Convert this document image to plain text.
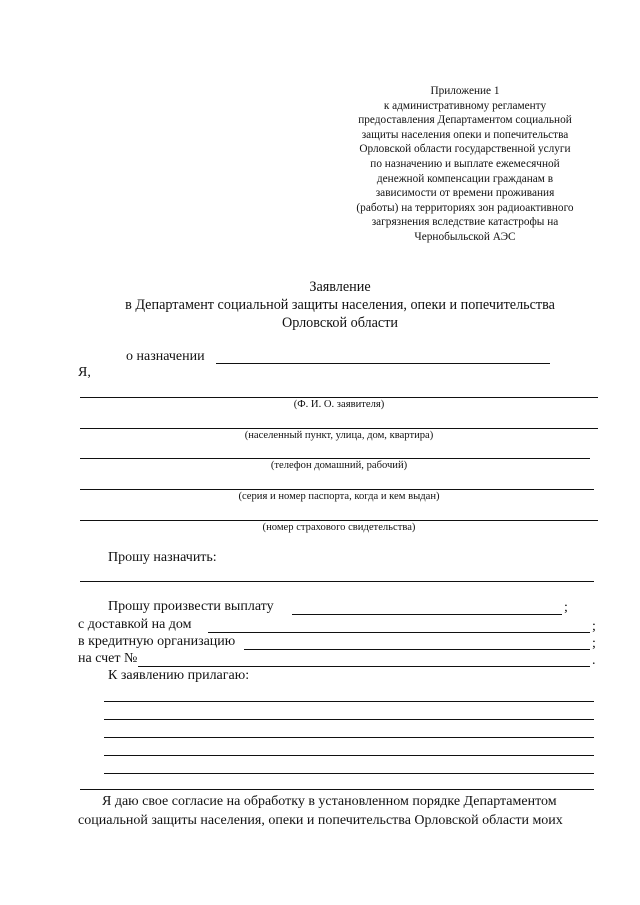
Приложение 1
к административному регламенту
предоставления Департаментом социальной
защиты населения опеки и попечительства
Орловской области государственной услуги
по назначению и выплате ежемесячной
денежной компенсации гражданам в
зависимости от времени проживания
(работы) на территориях зон радиоактивного
загрязнения вследствие катастрофы на
Чернобыльской АЭС
Заявление
в Департамент социальной защиты населения, опеки и попечительства
Орловской области
о назначении
Я,
(Ф. И. О. заявителя)
(населенный пункт, улица, дом, квартира)
(телефон домашний, рабочий)
(серия и номер паспорта, когда и кем выдан)
(номер страхового свидетельства)
Прошу назначить:
Прошу произвести выплату	;
с доставкой на дом	;
в кредитную организацию	;
на счет №	.
К заявлению прилагаю:
Я даю свое согласие на обработку в установленном порядке Департаментом
социальной защиты населения, опеки и попечительства Орловской области моих
